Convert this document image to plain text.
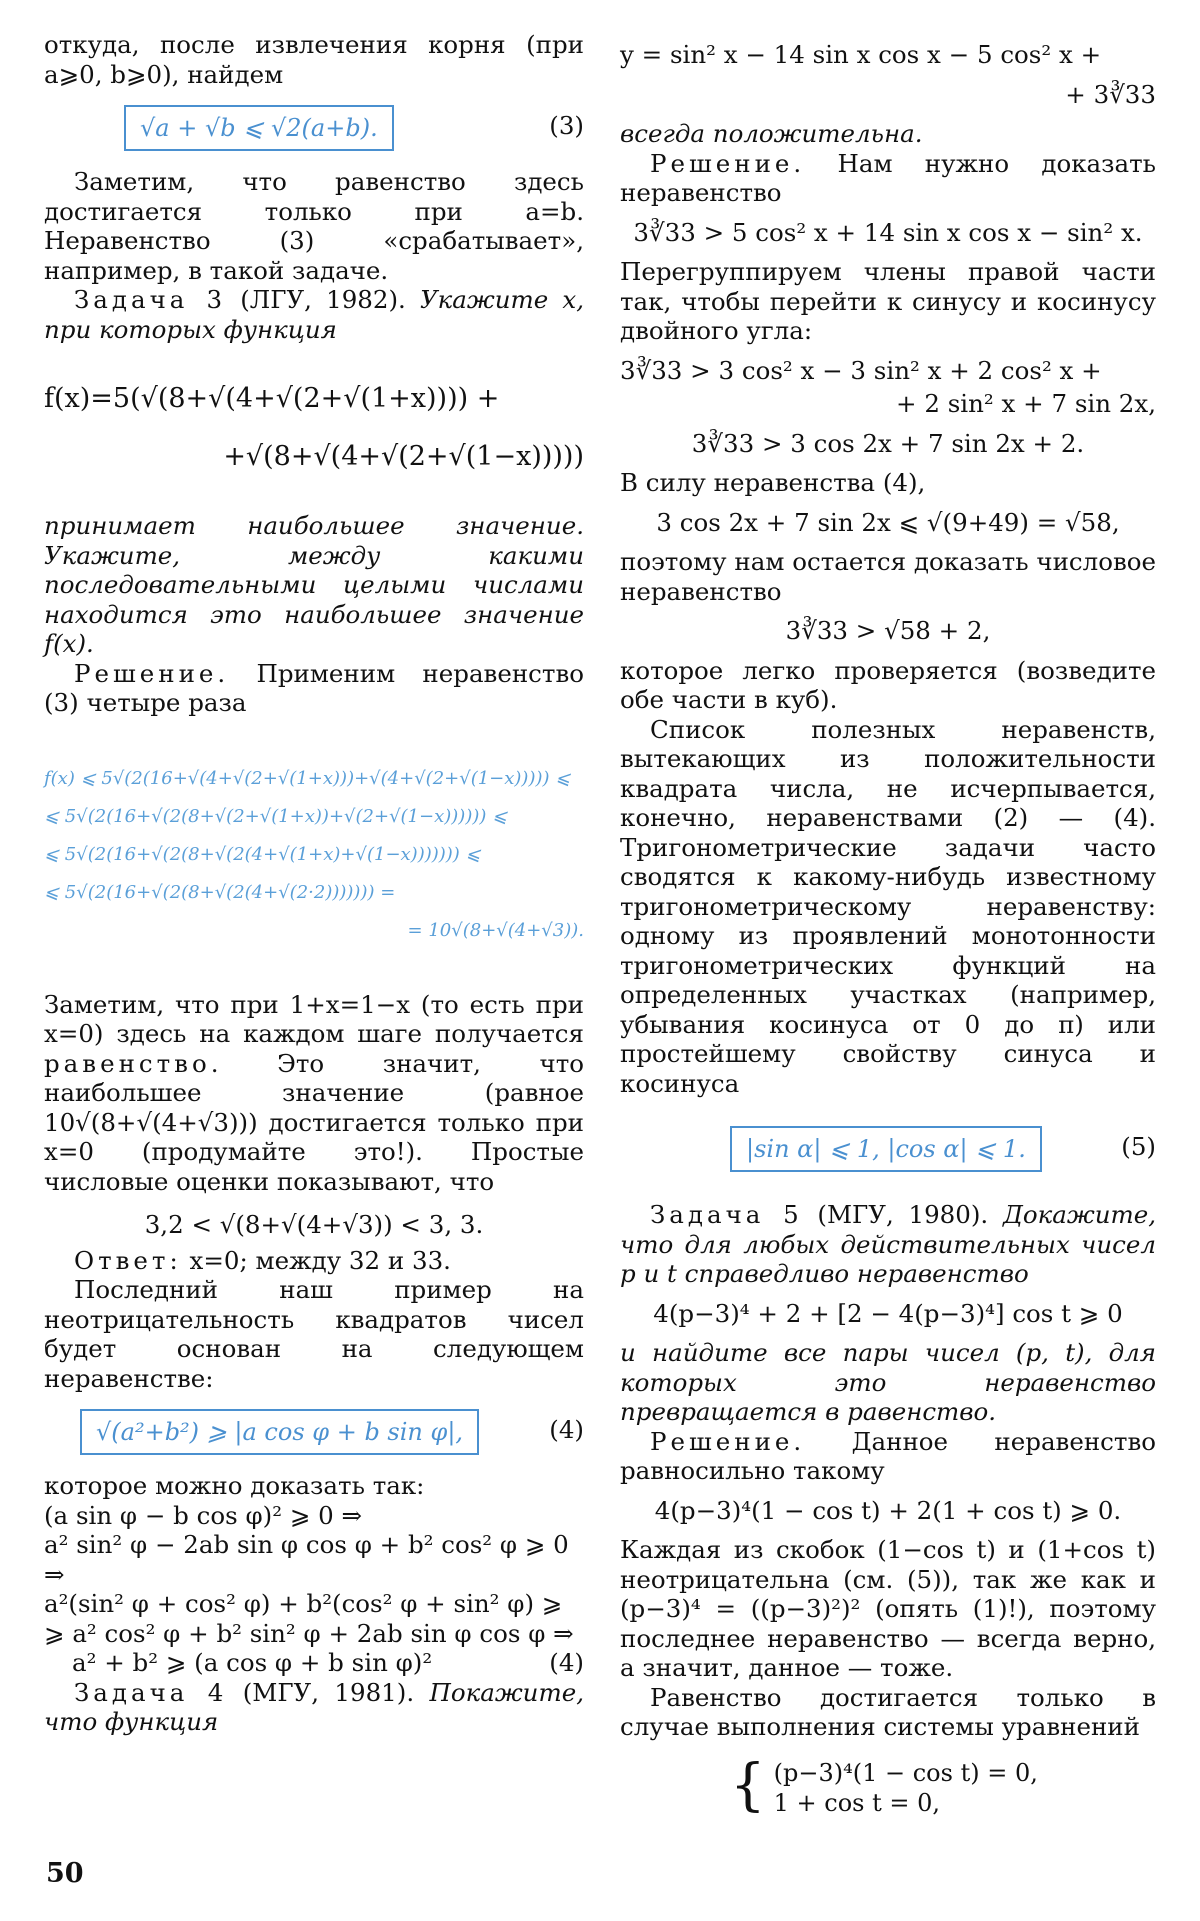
откуда, после извлечения корня (при a⩾0, b⩾0), найдем

√a + √b ⩽ √2(a+b).	(3)

Заметим, что равенство здесь достигается только при a=b. Неравенство (3) «срабатывает», например, в такой задаче.

Задача 3 (ЛГУ, 1982). Укажите x, при которых функция

f(x)=5(√(8+√(4+√(2+√(1+x)))) +
+√(8+√(4+√(2+√(1−x)))))

принимает наибольшее значение. Укажите, между какими последовательными целыми числами находится это наибольшее значение f(x).

Решение. Применим неравенство (3) четыре раза

f(x) ⩽ 5√(2(16+√(4+√(2+√(1+x)))+√(4+√(2+√(1−x))))) ⩽
⩽ 5√(2(16+√(2(8+√(2+√(1+x))+√(2+√(1−x)))))) ⩽
⩽ 5√(2(16+√(2(8+√(2(4+√(1+x)+√(1−x))))))) ⩽
⩽ 5√(2(16+√(2(8+√(2(4+√(2·2))))))) =
= 10√(8+√(4+√3)).

Заметим, что при 1+x=1−x (то есть при x=0) здесь на каждом шаге получается равенство. Это значит, что наибольшее значение (равное 10√(8+√(4+√3))) достигается только при x=0 (продумайте это!). Простые числовые оценки показывают, что

3,2 < √(8+√(4+√3)) < 3, 3.

Ответ: x=0; между 32 и 33.

Последний наш пример на неотрицательность квадратов чисел будет основан на следующем неравенстве:

√(a²+b²) ⩾ |a cos φ + b sin φ|,	(4)

которое можно доказать так:

(a sin φ − b cos φ)² ⩾ 0 ⇒
a² sin² φ − 2ab sin φ cos φ + b² cos² φ ⩾ 0 ⇒
a²(sin² φ + cos² φ) + b²(cos² φ + sin² φ) ⩾
⩾ a² cos² φ + b² sin² φ + 2ab sin φ cos φ ⇒
a² + b² ⩾ (a cos φ + b sin φ)²	(4)

Задача 4 (МГУ, 1981). Покажите, что функция

y = sin² x − 14 sin x cos x − 5 cos² x +
+ 3∛33

всегда положительна.

Решение. Нам нужно доказать неравенство

3∛33 > 5 cos² x + 14 sin x cos x − sin² x.

Перегруппируем члены правой части так, чтобы перейти к синусу и косинусу двойного угла:

3∛33 > 3 cos² x − 3 sin² x + 2 cos² x +
+ 2 sin² x + 7 sin 2x,
3∛33 > 3 cos 2x + 7 sin 2x + 2.

В силу неравенства (4),

3 cos 2x + 7 sin 2x ⩽ √(9+49) = √58,

поэтому нам остается доказать числовое неравенство

3∛33 > √58 + 2,

которое легко проверяется (возведите обе части в куб).

Список полезных неравенств, вытекающих из положительности квадрата числа, не исчерпывается, конечно, неравенствами (2) — (4). Тригонометрические задачи часто сводятся к какому-нибудь известному тригонометрическому неравенству: одному из проявлений монотонности тригонометрических функций на определенных участках (например, убывания косинуса от 0 до π) или простейшему свойству синуса и косинуса

|sin α| ⩽ 1, |cos α| ⩽ 1.	(5)

Задача 5 (МГУ, 1980). Докажите, что для любых действительных чисел p и t справедливо неравенство

4(p−3)⁴ + 2 + [2 − 4(p−3)⁴] cos t ⩾ 0

и найдите все пары чисел (p, t), для которых это неравенство превращается в равенство.

Решение. Данное неравенство равносильно такому

4(p−3)⁴(1 − cos t) + 2(1 + cos t) ⩾ 0.

Каждая из скобок (1−cos t) и (1+cos t) неотрицательна (см. (5)), так же как и (p−3)⁴ = ((p−3)²)² (опять (1)!), поэтому последнее неравенство — всегда верно, а значит, данное — тоже.

Равенство достигается только в случае выполнения системы уравнений

{ (p−3)⁴(1 − cos t) = 0,
1 + cos t = 0,
50
